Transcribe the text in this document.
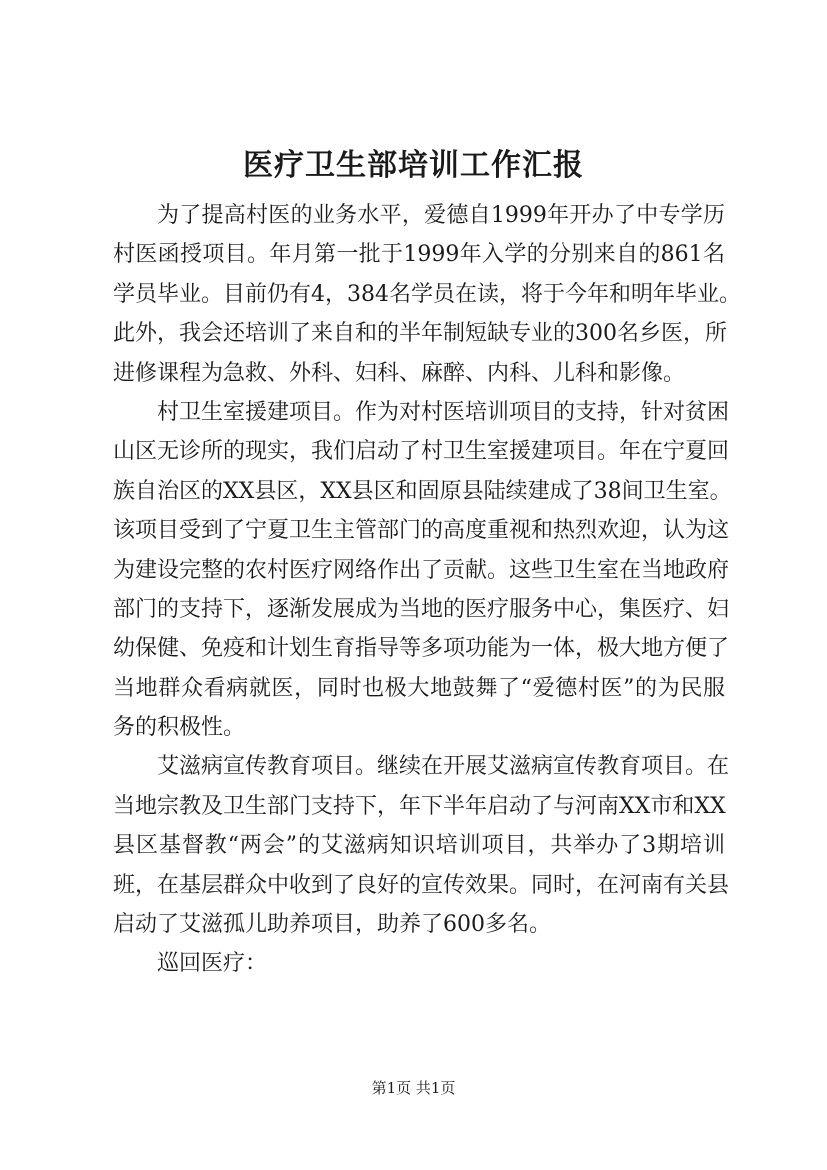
医疗卫生部培训工作汇报
为了提高村医的业务水平，爱德自1999年开办了中专学历
村医函授项目。年月第一批于1999年入学的分别来自的861名
学员毕业。目前仍有4，384名学员在读，将于今年和明年毕业。
此外，我会还培训了来自和的半年制短缺专业的300名乡医，所
进修课程为急救、外科、妇科、麻醉、内科、儿科和影像。
村卫生室援建项目。作为对村医培训项目的支持，针对贫困
山区无诊所的现实，我们启动了村卫生室援建项目。年在宁夏回
族自治区的XX县区，XX县区和固原县陆续建成了38间卫生室。
该项目受到了宁夏卫生主管部门的高度重视和热烈欢迎，认为这
为建设完整的农村医疗网络作出了贡献。这些卫生室在当地政府
部门的支持下，逐渐发展成为当地的医疗服务中心，集医疗、妇
幼保健、免疫和计划生育指导等多项功能为一体，极大地方便了
当地群众看病就医，同时也极大地鼓舞了“爱德村医”的为民服
务的积极性。
艾滋病宣传教育项目。继续在开展艾滋病宣传教育项目。在
当地宗教及卫生部门支持下，年下半年启动了与河南XX市和XX
县区基督教“两会”的艾滋病知识培训项目，共举办了3期培训
班，在基层群众中收到了良好的宣传效果。同时，在河南有关县
启动了艾滋孤儿助养项目，助养了600多名。
巡回医疗：
第1页 共1页
